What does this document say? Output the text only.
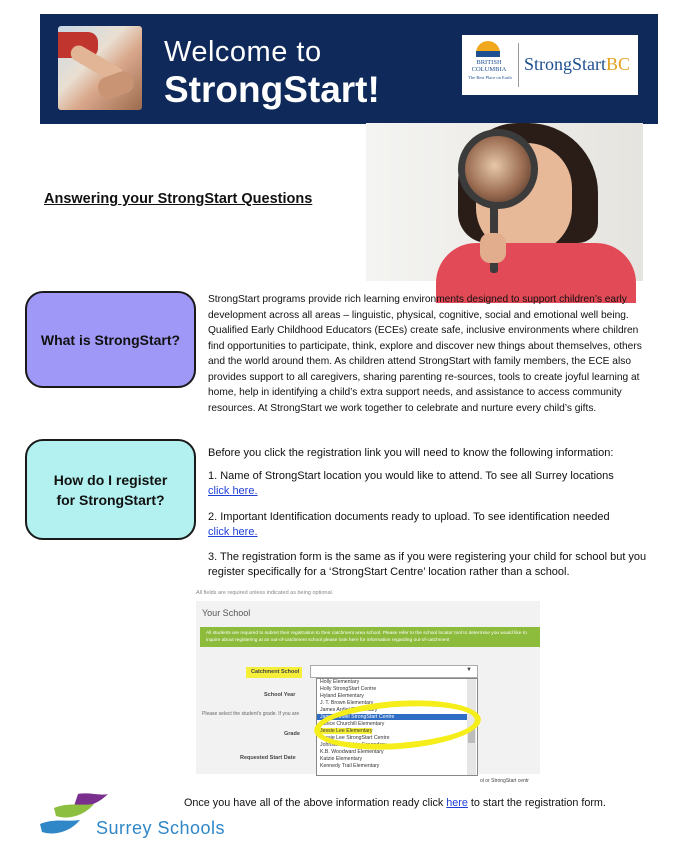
Welcome to
StrongStart!
BRITISH
COLUMBIA
The Best Place on Earth
StrongStartBC
Answering your StrongStart Questions
What is StrongStart?
StrongStart programs provide rich learning environments designed to support children’s early development across all areas – linguistic, physical, cognitive, social and emotional well being. Qualified Early Childhood Educators (ECEs) create safe, inclusive environments where children find opportunities to participate, think, explore and discover new things about themselves, others and the world around them. As children attend StrongStart with family members, the ECE also provides support to all caregivers, sharing parenting re-sources, tools to create joyful learning at home, help in identifying a child’s extra support needs, and assistance to access community resources. At StrongStart we work together to celebrate and nurture every child’s gifts.
How do I register for StrongStart?
Before you click the registration link you will need to know the following information:
1. Name of StrongStart location you would like to attend. To see all Surrey locations
click here.
2. Important Identification documents ready to upload. To see identification needed
click here.
3. The registration form is the same as if you were registering your child for school but you register specifically for a ‘StrongStart Centre’ location rather than a school.
All fields are required unless indicated as being optional.
Your School
All students are required to submit their registration to their catchment area school. Please refer to the school locator tool to determine you would like to inquire about registering at an out-of-catchment school please look here for information regarding out-of-catchment
Catchment School
School Year
Please select the student's grade. If you are
Grade
Requested Start Date
▼
Holly Elementary
Holly StrongStart Centre
Hyland Elementary
J. T. Brown Elementary
James Ardiel Elementary
James Ardiel StrongStart Centre
Janice Churchill Elementary
Jessie Lee Elementary
Jessie Lee StrongStart Centre
Johnston Heights Secondary
K.B. Woodward Elementary
Katzie Elementary
Kennedy Trail Elementary
ol or StrongStart centr
Surrey Schools
Once you have all of the above information ready click here to start the registration form.
